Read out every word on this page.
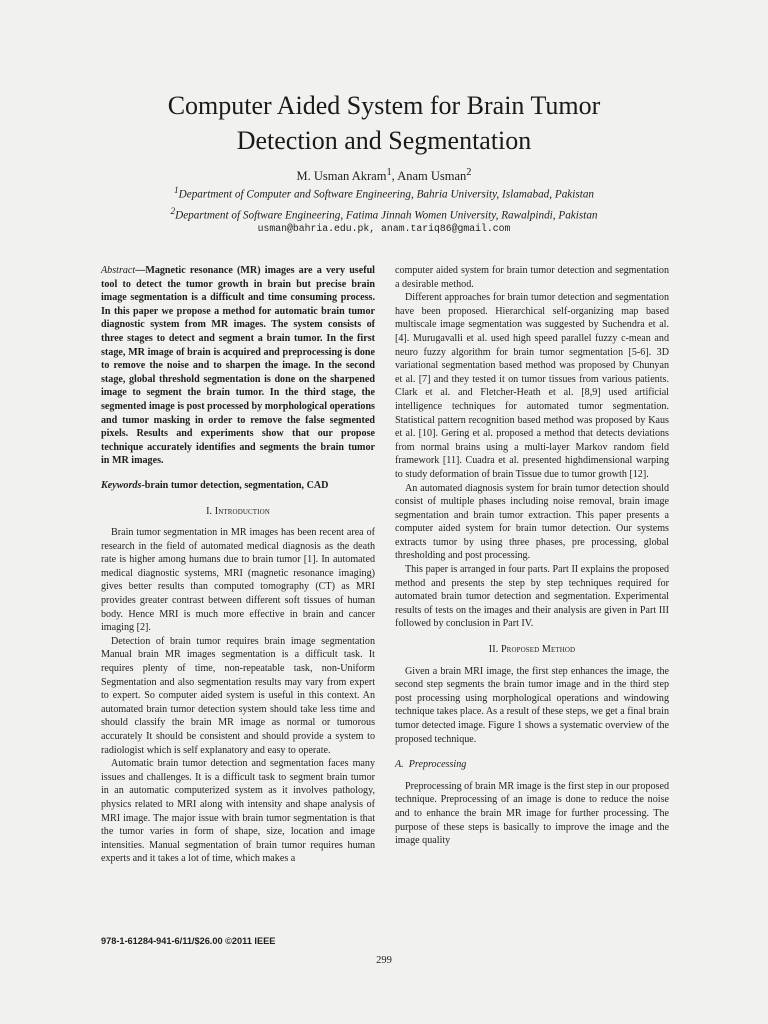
Computer Aided System for Brain Tumor
Detection and Segmentation
M. Usman Akram$^1$, Anam Usman$^2$
$^1$Department of Computer and Software Engineering, Bahria University, Islamabad, Pakistan
$^2$Department of Software Engineering, Fatima Jinnah Women University, Rawalpindi, Pakistan
usman@bahria.edu.pk, anam.tariq86@gmail.com

Abstract—Magnetic resonance (MR) images are a very useful tool to detect the tumor growth in brain but precise brain image segmentation is a difficult and time consuming process. In this paper we propose a method for automatic brain tumor diagnostic system from MR images. The system consists of three stages to detect and segment a brain tumor. In the first stage, MR image of brain is acquired and preprocessing is done to remove the noise and to sharpen the image. In the second stage, global threshold segmentation is done on the sharpened image to segment the brain tumor. In the third stage, the segmented image is post processed by morphological operations and tumor masking in order to remove the false segmented pixels. Results and experiments show that our propose technique accurately identifies and segments the brain tumor in MR images.

Keywords-brain tumor detection, segmentation, CAD

I. Introduction

Brain tumor segmentation in MR images has been recent area of research in the field of automated medical diagnosis as the death rate is higher among humans due to brain tumor [1]. In automated medical diagnostic systems, MRI (magnetic resonance imaging) gives better results than computed tomography (CT) as MRI provides greater contrast between different soft tissues of human body. Hence MRI is much more effective in brain and cancer imaging [2].

Detection of brain tumor requires brain image segmentation Manual brain MR images segmentation is a difficult task. It requires plenty of time, non-repeatable task, non-Uniform Segmentation and also segmentation results may vary from expert to expert. So computer aided system is useful in this context. An automated brain tumor detection system should take less time and should classify the brain MR image as normal or tumorous accurately It should be consistent and should provide a system to radiologist which is self explanatory and easy to operate.

Automatic brain tumor detection and segmentation faces many issues and challenges. It is a difficult task to segment brain tumor in an automatic computerized system as it involves pathology, physics related to MRI along with intensity and shape analysis of MRI image. The major issue with brain tumor segmentation is that the tumor varies in form of shape, size, location and image intensities. Manual segmentation of brain tumor requires human experts and it takes a lot of time, which makes a

computer aided system for brain tumor detection and segmentation a desirable method.

Different approaches for brain tumor detection and segmentation have been proposed. Hierarchical self-organizing map based multiscale image segmentation was suggested by Suchendra et al. [4]. Murugavalli et al. used high speed parallel fuzzy c-mean and neuro fuzzy algorithm for brain tumor segmentation [5-6]. 3D variational segmentation based method was proposed by Chunyan et al. [7] and they tested it on tumor tissues from various patients. Clark et al. and Fletcher-Heath et al. [8,9] used artificial intelligence techniques for automated tumor segmentation. Statistical pattern recognition based method was proposed by Kaus et al. [10]. Gering et al. proposed a method that detects deviations from normal brains using a multi-layer Markov random field framework [11]. Cuadra et al. presented highdimensional warping to study deformation of brain Tissue due to tumor growth [12].

An automated diagnosis system for brain tumor detection should consist of multiple phases including noise removal, brain image segmentation and brain tumor extraction. This paper presents a computer aided system for brain tumor detection. Our systems extracts tumor by using three phases, pre processing, global thresholding and post processing.

This paper is arranged in four parts. Part II explains the proposed method and presents the step by step techniques required for automated brain tumor detection and segmentation. Experimental results of tests on the images and their analysis are given in Part III followed by conclusion in Part IV.

II. Proposed Method

Given a brain MRI image, the first step enhances the image, the second step segments the brain tumor image and in the third step post processing using morphological operations and windowing technique takes place. As a result of these steps, we get a final brain tumor detected image. Figure 1 shows a systematic overview of the proposed technique.

A. Preprocessing

Preprocessing of brain MR image is the first step in our proposed technique. Preprocessing of an image is done to reduce the noise and to enhance the brain MR image for further processing. The purpose of these steps is basically to improve the image and the image quality

978-1-61284-941-6/11/$26.00 ©2011 IEEE
299
